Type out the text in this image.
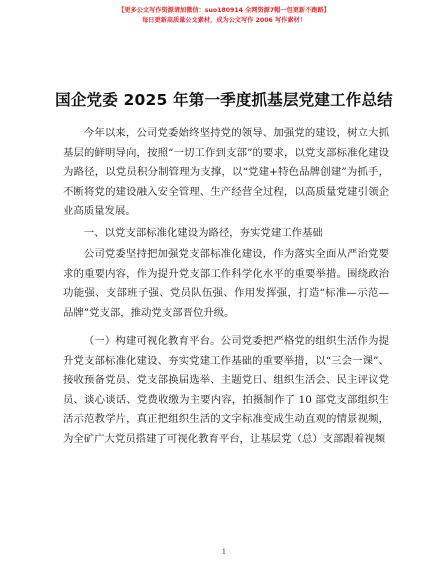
【更多公文写作资源请加微信：suo180914 全网资源7帽一包更新不跑路】
每日更新高质量公文素材，成为公文写作 2006 写作素材！
国企党委 2025 年第一季度抓基层党建工作总结

今年以来，公司党委始终坚持党的领导、加强党的建设，树立大抓基层的鲜明导向，按照“一切工作到支部”的要求，以党支部标准化建设为路径，以党员积分制管理为支撑，以“党建+特色品牌创建”为抓手，不断将党的建设融入安全管理、生产经营全过程，以高质量党建引领企业高质量发展。

一、以党支部标准化建设为路径，夯实党建工作基础

公司党委坚持把加强党支部标准化建设，作为落实全面从严治党要求的重要内容，作为提升党支部工作科学化水平的重要举措。围绕政治功能强、支部班子强、党员队伍强、作用发挥强，打造“标准—示范—品牌”党支部，推动党支部晋位升级。

（一）构建可视化教育平台。公司党委把严格党的组织生活作为提升党支部标准化建设、夯实党建工作基础的重要举措，以“三会一课”、接收预备党员、党支部换届选举、主题党日、组织生活会、民主评议党员、谈心谈话、党费收缴为主要内容，拍摄制作了 10 部党支部组织生活示范教学片，真正把组织生活的文字标准变成生动直观的情景视频，为全矿广大党员搭建了可视化教育平台，让基层党（总）支部跟着视频

1
